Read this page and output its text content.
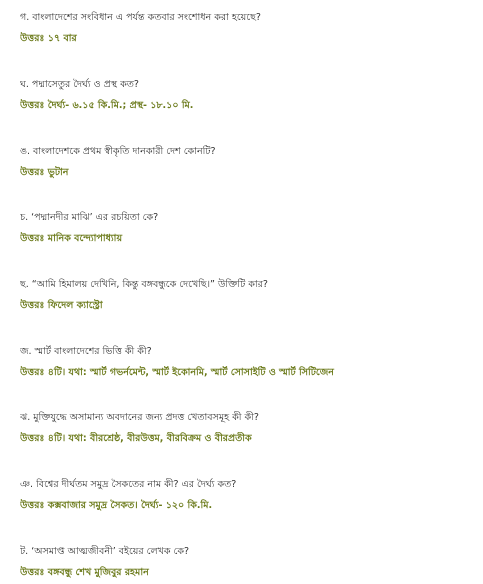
গ. বাংলাদেশের সংবিধান এ পর্যন্ত কতবার সংশোধন করা হয়েছে?
উত্তরঃ ১৭ বার
ঘ. পদ্মাসেতুর দৈর্ঘ্য ও প্রস্থ কত?
উত্তরঃ দৈর্ঘ্য- ৬.১৫ কি.মি.; প্রস্থ- ১৮.১০ মি.
ঙ. বাংলাদেশকে প্রথম স্বীকৃতি দানকারী দেশ কোনটি?
উত্তরঃ ভুটান
চ. ‘পদ্মানদীর মাঝি’ এর রচয়িতা কে?
উত্তরঃ মানিক বন্দ্যোপাধ্যায়
ছ. “আমি হিমালয় দেখিনি, কিন্তু বঙ্গবন্ধুকে দেখেছি।” উক্তিটি কার?
উত্তরঃ ফিদেল ক্যাস্ট্রো
জ. স্মার্ট বাংলাদেশের ভিত্তি কী কী?
উত্তরঃ ৪টি। যথা: স্মার্ট গভর্নমেন্ট, স্মার্ট ইকোনমি, স্মার্ট সোসাইটি ও স্মার্ট সিটিজেন
ঝ. মুক্তিযুদ্ধে অসামান্য অবদানের জন্য প্রদত্ত খেতাবসমূহ কী কী?
উত্তরঃ ৪টি। যথা: বীরশ্রেষ্ঠ, বীরউত্তম, বীরবিক্রম ও বীরপ্রতীক
ঞ. বিশ্বের দীর্ঘতম সমুদ্র সৈকতের নাম কী? এর দৈর্ঘ্য কত?
উত্তরঃ কক্সবাজার সমুদ্র সৈকত। দৈর্ঘ্য- ১২০ কি.মি.
ট. ‘অসমাপ্ত আত্মজীবনী’ বইয়ের লেখক কে?
উত্তরঃ বঙ্গবন্ধু শেখ মুজিবুর রহমান
